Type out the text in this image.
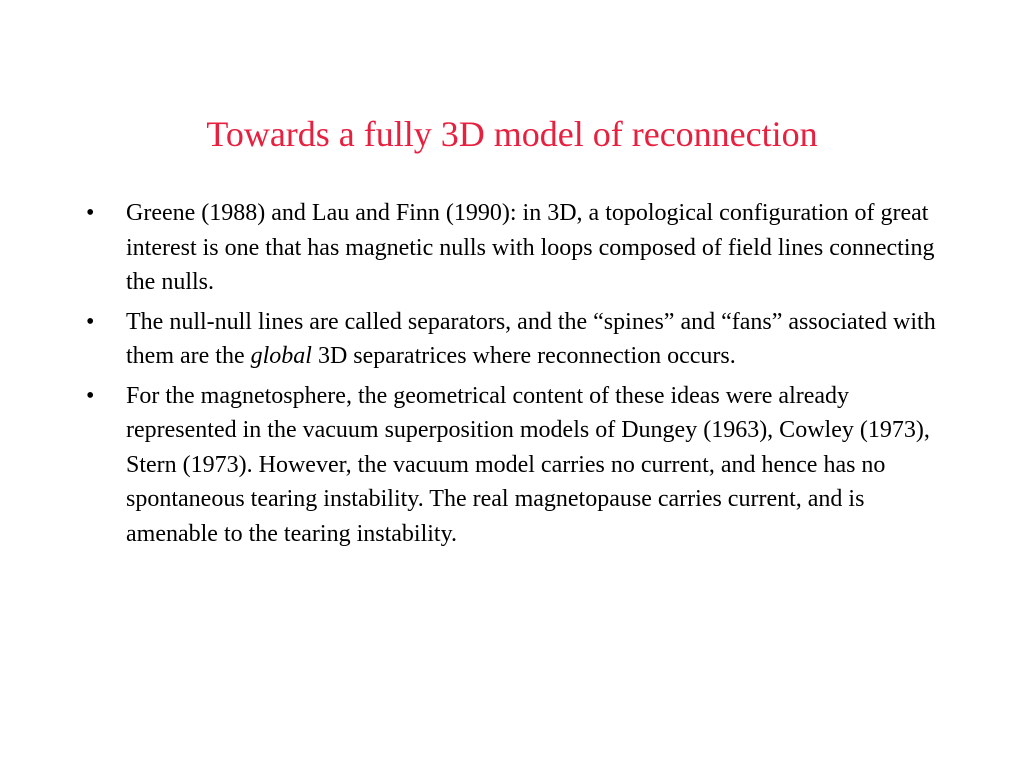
Towards a fully 3D model of reconnection
• Greene (1988) and Lau and Finn (1990): in 3D, a topological configuration of great interest is one that has magnetic nulls with loops composed of field lines connecting the nulls.
• The null-null lines are called separators, and the “spines” and “fans” associated with them are the global 3D separatrices where reconnection occurs.
• For the magnetosphere, the geometrical content of these ideas were already represented in the vacuum superposition models of Dungey (1963), Cowley (1973), Stern (1973). However, the vacuum model carries no current, and hence has no spontaneous tearing instability. The real magnetopause carries current, and is amenable to the tearing instability.
